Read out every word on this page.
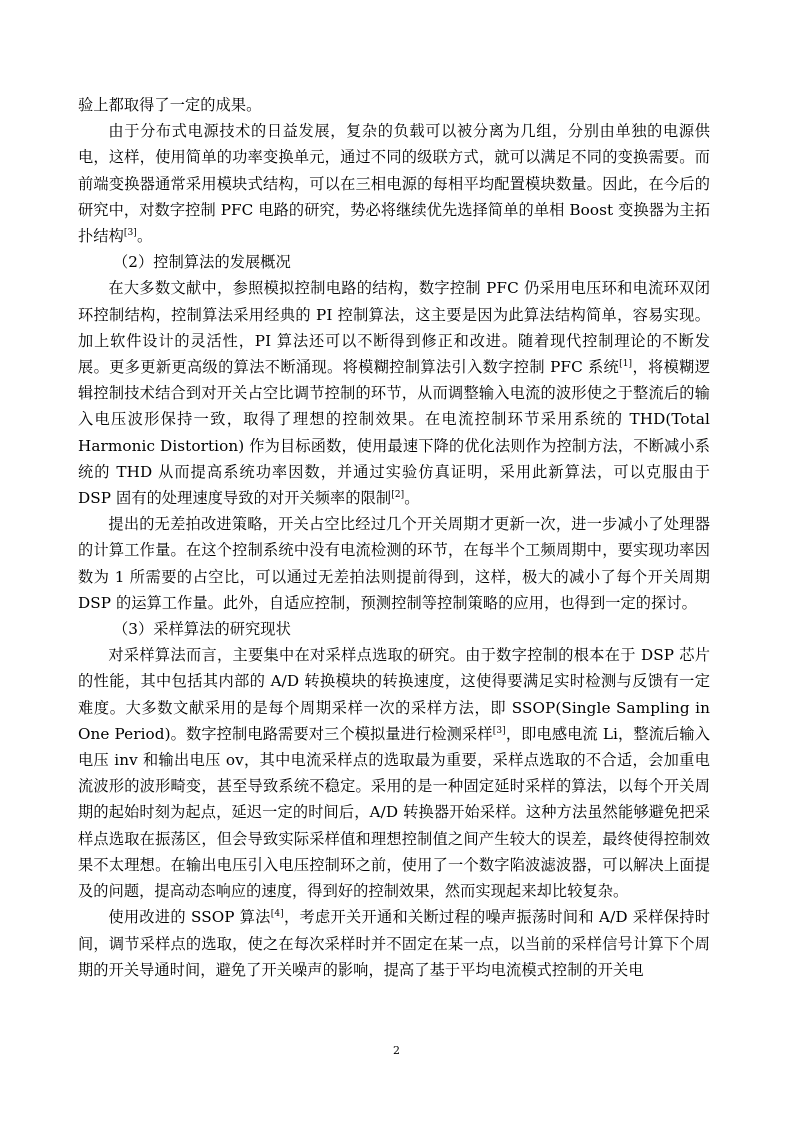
验上都取得了一定的成果。

由于分布式电源技术的日益发展，复杂的负载可以被分离为几组，分别由单独的电源供电，这样，使用简单的功率变换单元，通过不同的级联方式，就可以满足不同的变换需要。而前端变换器通常采用模块式结构，可以在三相电源的每相平均配置模块数量。因此，在今后的研究中，对数字控制 PFC 电路的研究，势必将继续优先选择简单的单相 Boost 变换器为主拓扑结构[3]。

（2）控制算法的发展概况

在大多数文献中，参照模拟控制电路的结构，数字控制 PFC 仍采用电压环和电流环双闭环控制结构，控制算法采用经典的 PI 控制算法，这主要是因为此算法结构简单，容易实现。加上软件设计的灵活性，PI 算法还可以不断得到修正和改进。随着现代控制理论的不断发展。更多更新更高级的算法不断涌现。将模糊控制算法引入数字控制 PFC 系统[1]，将模糊逻辑控制技术结合到对开关占空比调节控制的环节，从而调整输入电流的波形使之于整流后的输入电压波形保持一致，取得了理想的控制效果。在电流控制环节采用系统的 THD(Total Harmonic Distortion) 作为目标函数，使用最速下降的优化法则作为控制方法，不断减小系统的 THD 从而提高系统功率因数，并通过实验仿真证明，采用此新算法，可以克服由于 DSP 固有的处理速度导致的对开关频率的限制[2]。

提出的无差拍改进策略，开关占空比经过几个开关周期才更新一次，进一步减小了处理器的计算工作量。在这个控制系统中没有电流检测的环节，在每半个工频周期中，要实现功率因数为 1 所需要的占空比，可以通过无差拍法则提前得到，这样，极大的减小了每个开关周期 DSP 的运算工作量。此外，自适应控制，预测控制等控制策略的应用，也得到一定的探讨。

（3）采样算法的研究现状

对采样算法而言，主要集中在对采样点选取的研究。由于数字控制的根本在于 DSP 芯片的性能，其中包括其内部的 A/D 转换模块的转换速度，这使得要满足实时检测与反馈有一定难度。大多数文献采用的是每个周期采样一次的采样方法，即 SSOP(Single Sampling in One Period)。数字控制电路需要对三个模拟量进行检测采样[3]，即电感电流 Li，整流后输入电压 inv 和输出电压 ov，其中电流采样点的选取最为重要，采样点选取的不合适，会加重电流波形的波形畸变，甚至导致系统不稳定。采用的是一种固定延时采样的算法，以每个开关周期的起始时刻为起点，延迟一定的时间后，A/D 转换器开始采样。这种方法虽然能够避免把采样点选取在振荡区，但会导致实际采样值和理想控制值之间产生较大的误差，最终使得控制效果不太理想。在输出电压引入电压控制环之前，使用了一个数字陷波滤波器，可以解决上面提及的问题，提高动态响应的速度，得到好的控制效果，然而实现起来却比较复杂。

使用改进的 SSOP 算法[4]，考虑开关开通和关断过程的噪声振荡时间和 A/D 采样保持时间，调节采样点的选取，使之在每次采样时并不固定在某一点，以当前的采样信号计算下个周期的开关导通时间，避免了开关噪声的影响，提高了基于平均电流模式控制的开关电

2
